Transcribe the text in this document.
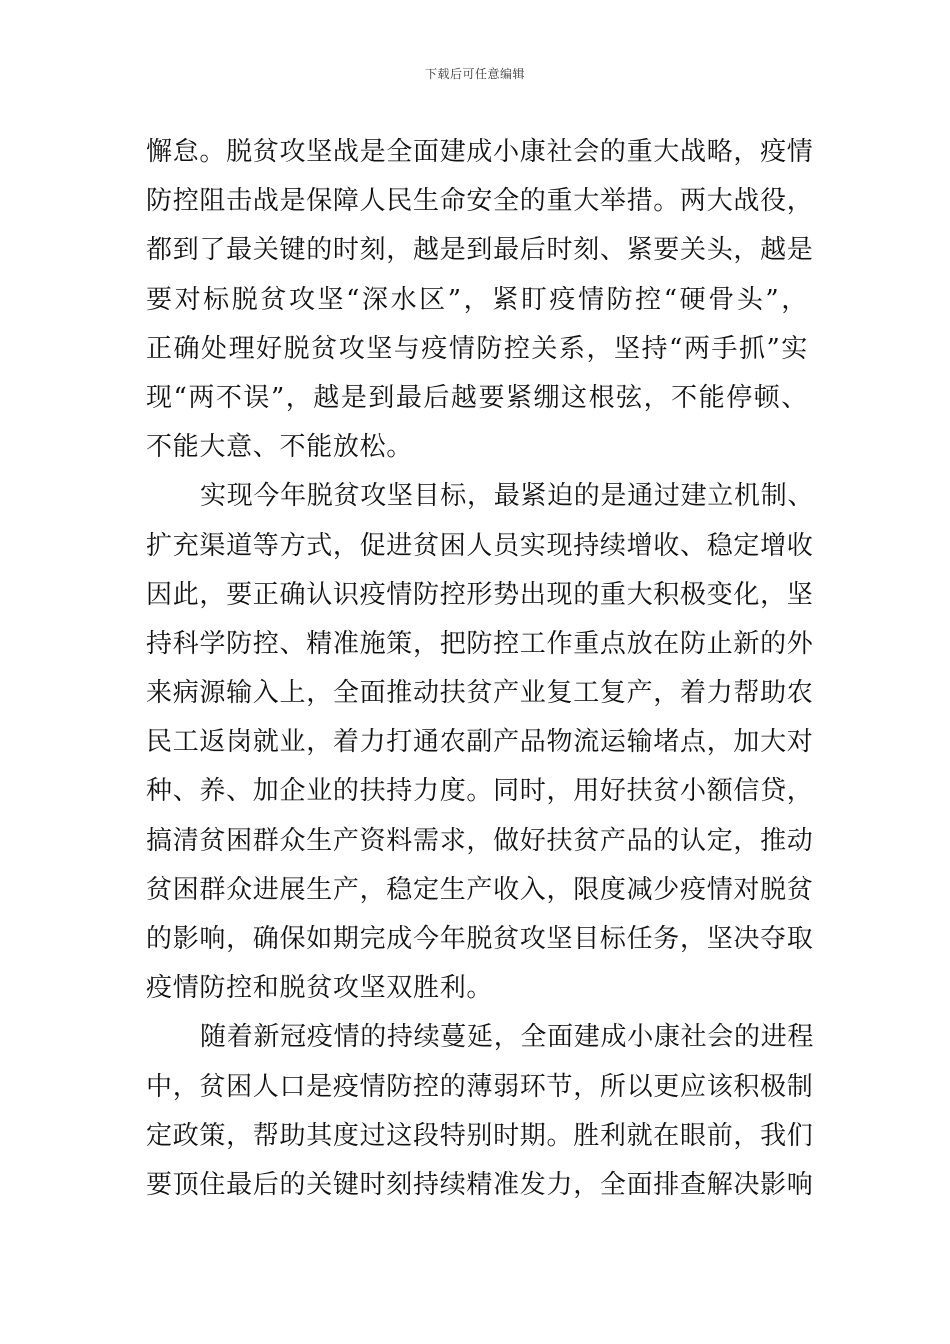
下载后可任意编辑
懈怠。脱贫攻坚战是全面建成小康社会的重大战略，疫情
防控阻击战是保障人民生命安全的重大举措。两大战役，
都到了最关键的时刻，越是到最后时刻、紧要关头，越是
要对标脱贫攻坚“深水区”，紧盯疫情防控“硬骨头”，
正确处理好脱贫攻坚与疫情防控关系，坚持“两手抓”实
现“两不误”，越是到最后越要紧绷这根弦，不能停顿、
不能大意、不能放松。
实现今年脱贫攻坚目标，最紧迫的是通过建立机制、
扩充渠道等方式，促进贫困人员实现持续增收、稳定增收
因此，要正确认识疫情防控形势出现的重大积极变化，坚
持科学防控、精准施策，把防控工作重点放在防止新的外
来病源输入上，全面推动扶贫产业复工复产，着力帮助农
民工返岗就业，着力打通农副产品物流运输堵点，加大对
种、养、加企业的扶持力度。同时，用好扶贫小额信贷，
搞清贫困群众生产资料需求，做好扶贫产品的认定，推动
贫困群众进展生产，稳定生产收入，限度减少疫情对脱贫
的影响，确保如期完成今年脱贫攻坚目标任务，坚决夺取
疫情防控和脱贫攻坚双胜利。
随着新冠疫情的持续蔓延，全面建成小康社会的进程
中，贫困人口是疫情防控的薄弱环节，所以更应该积极制
定政策，帮助其度过这段特别时期。胜利就在眼前，我们
要顶住最后的关键时刻持续精准发力，全面排查解决影响
